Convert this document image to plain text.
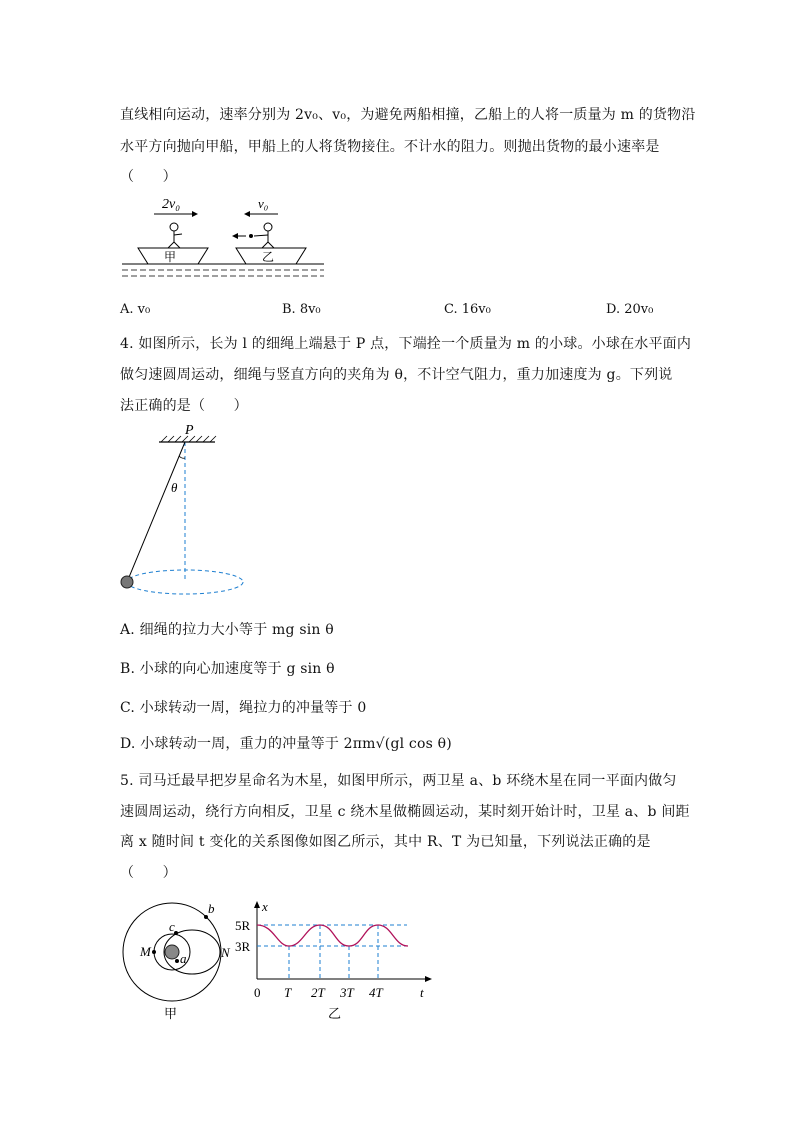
直线相向运动，速率分别为 2v₀、v₀，为避免两船相撞，乙船上的人将一质量为 m 的货物沿
水平方向抛向甲船，甲船上的人将货物接住。不计水的阻力。则抛出货物的最小速率是
（　　）
2v₀	v₀
甲	乙
A. v₀	B. 8v₀	C. 16v₀	D. 20v₀
4. 如图所示，长为 l 的细绳上端悬于 P 点，下端拴一个质量为 m 的小球。小球在水平面内
做匀速圆周运动，细绳与竖直方向的夹角为 θ，不计空气阻力，重力加速度为 g。下列说
法正确的是（　　）
P
θ
A. 细绳的拉力大小等于 mg sin θ
B. 小球的向心加速度等于 g sin θ
C. 小球转动一周，绳拉力的冲量等于 0
D. 小球转动一周，重力的冲量等于 2πm√(gl cos θ)
5. 司马迁最早把岁星命名为木星，如图甲所示，两卫星 a、b 环绕木星在同一平面内做匀
速圆周运动，绕行方向相反，卫星 c 绕木星做椭圆运动，某时刻开始计时，卫星 a、b 间距
离 x 随时间 t 变化的关系图像如图乙所示，其中 R、T 为已知量，下列说法正确的是
（　　）
b
c
M a	N
甲
x
t
5R
3R
0 T 2T 3T 4T
乙
